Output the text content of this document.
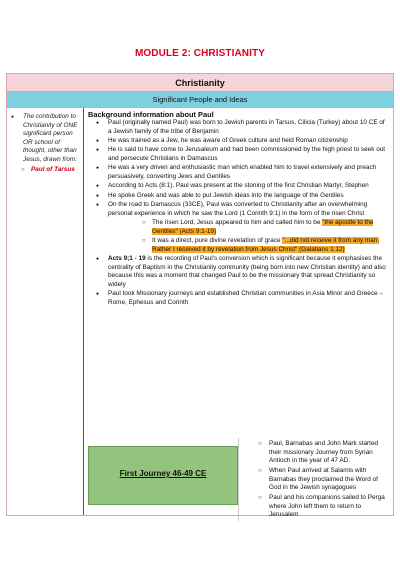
MODULE 2: CHRISTIANITY
Christianity
Significant People and Ideas
● The contribution to Christianity of ONE significant person OR school of thought, other than Jesus, drawn from:
○ Paul of Tarsus
Background information about Paul
● Paul (originally named Paul) was born to Jewish parents in Tarsus, Cilicia (Turkey) about 10 CE of a Jewish family of the tribe of Benjamin
● He was trained as a Jew, he was aware of Greek culture and held Roman citizenship
● He is said to have come to Jerusaleum and had been commissioned by the high priest to seek out and persecute Christians in Damascus
● He was a very driven and enthusiastic man which enabled him to travel extensively and preach persuasively, converting Jews and Gentiles
● According to Acts (8:1), Paul was present at the stoning of the first Christian Martyr, Stephen
● He spoke Greek and was able to put Jewish ideas into the language of the Gentiles
● On the road to Damascus (33CE), Paul was converted to Christianity after an overwhelming personal experience in which he saw the Lord (1 Corinth 9:1) in the form of the risen Christ
○ The risen Lord, Jesus appeared to him and called him to be "the apostle to the Gentiles" (Acts 9:1-19)
○ It was a direct, pure divine revelation of grace "...did not receive it from any man. Rather I received it by revelation from Jesus Christ" (Galatians 1:12)
● Acts 9;1 - 19 is the recording of Paul's conversion which is significant because it emphasises the centrality of Baptism in the Christianity community (being born into new Christian identity) and also because this was a moment that changed Paul to be the missionary that spread Christianity so widely
● Paul took Missionary journeys and established Christian communities in Asia Minor and Greece→ Rome, Ephesus and Corinth
First Journey 46-49 CE
○ Paul, Barnabas and John Mark started their missionary Journey from Syrian Antioch in the year of 47 AD.
○ When Paul arrived at Salamis with Barnabas they proclaimed the Word of God in the Jewish synagogues
○ Paul and his companions sailed to Perga where John left them to return to Jerusalem
